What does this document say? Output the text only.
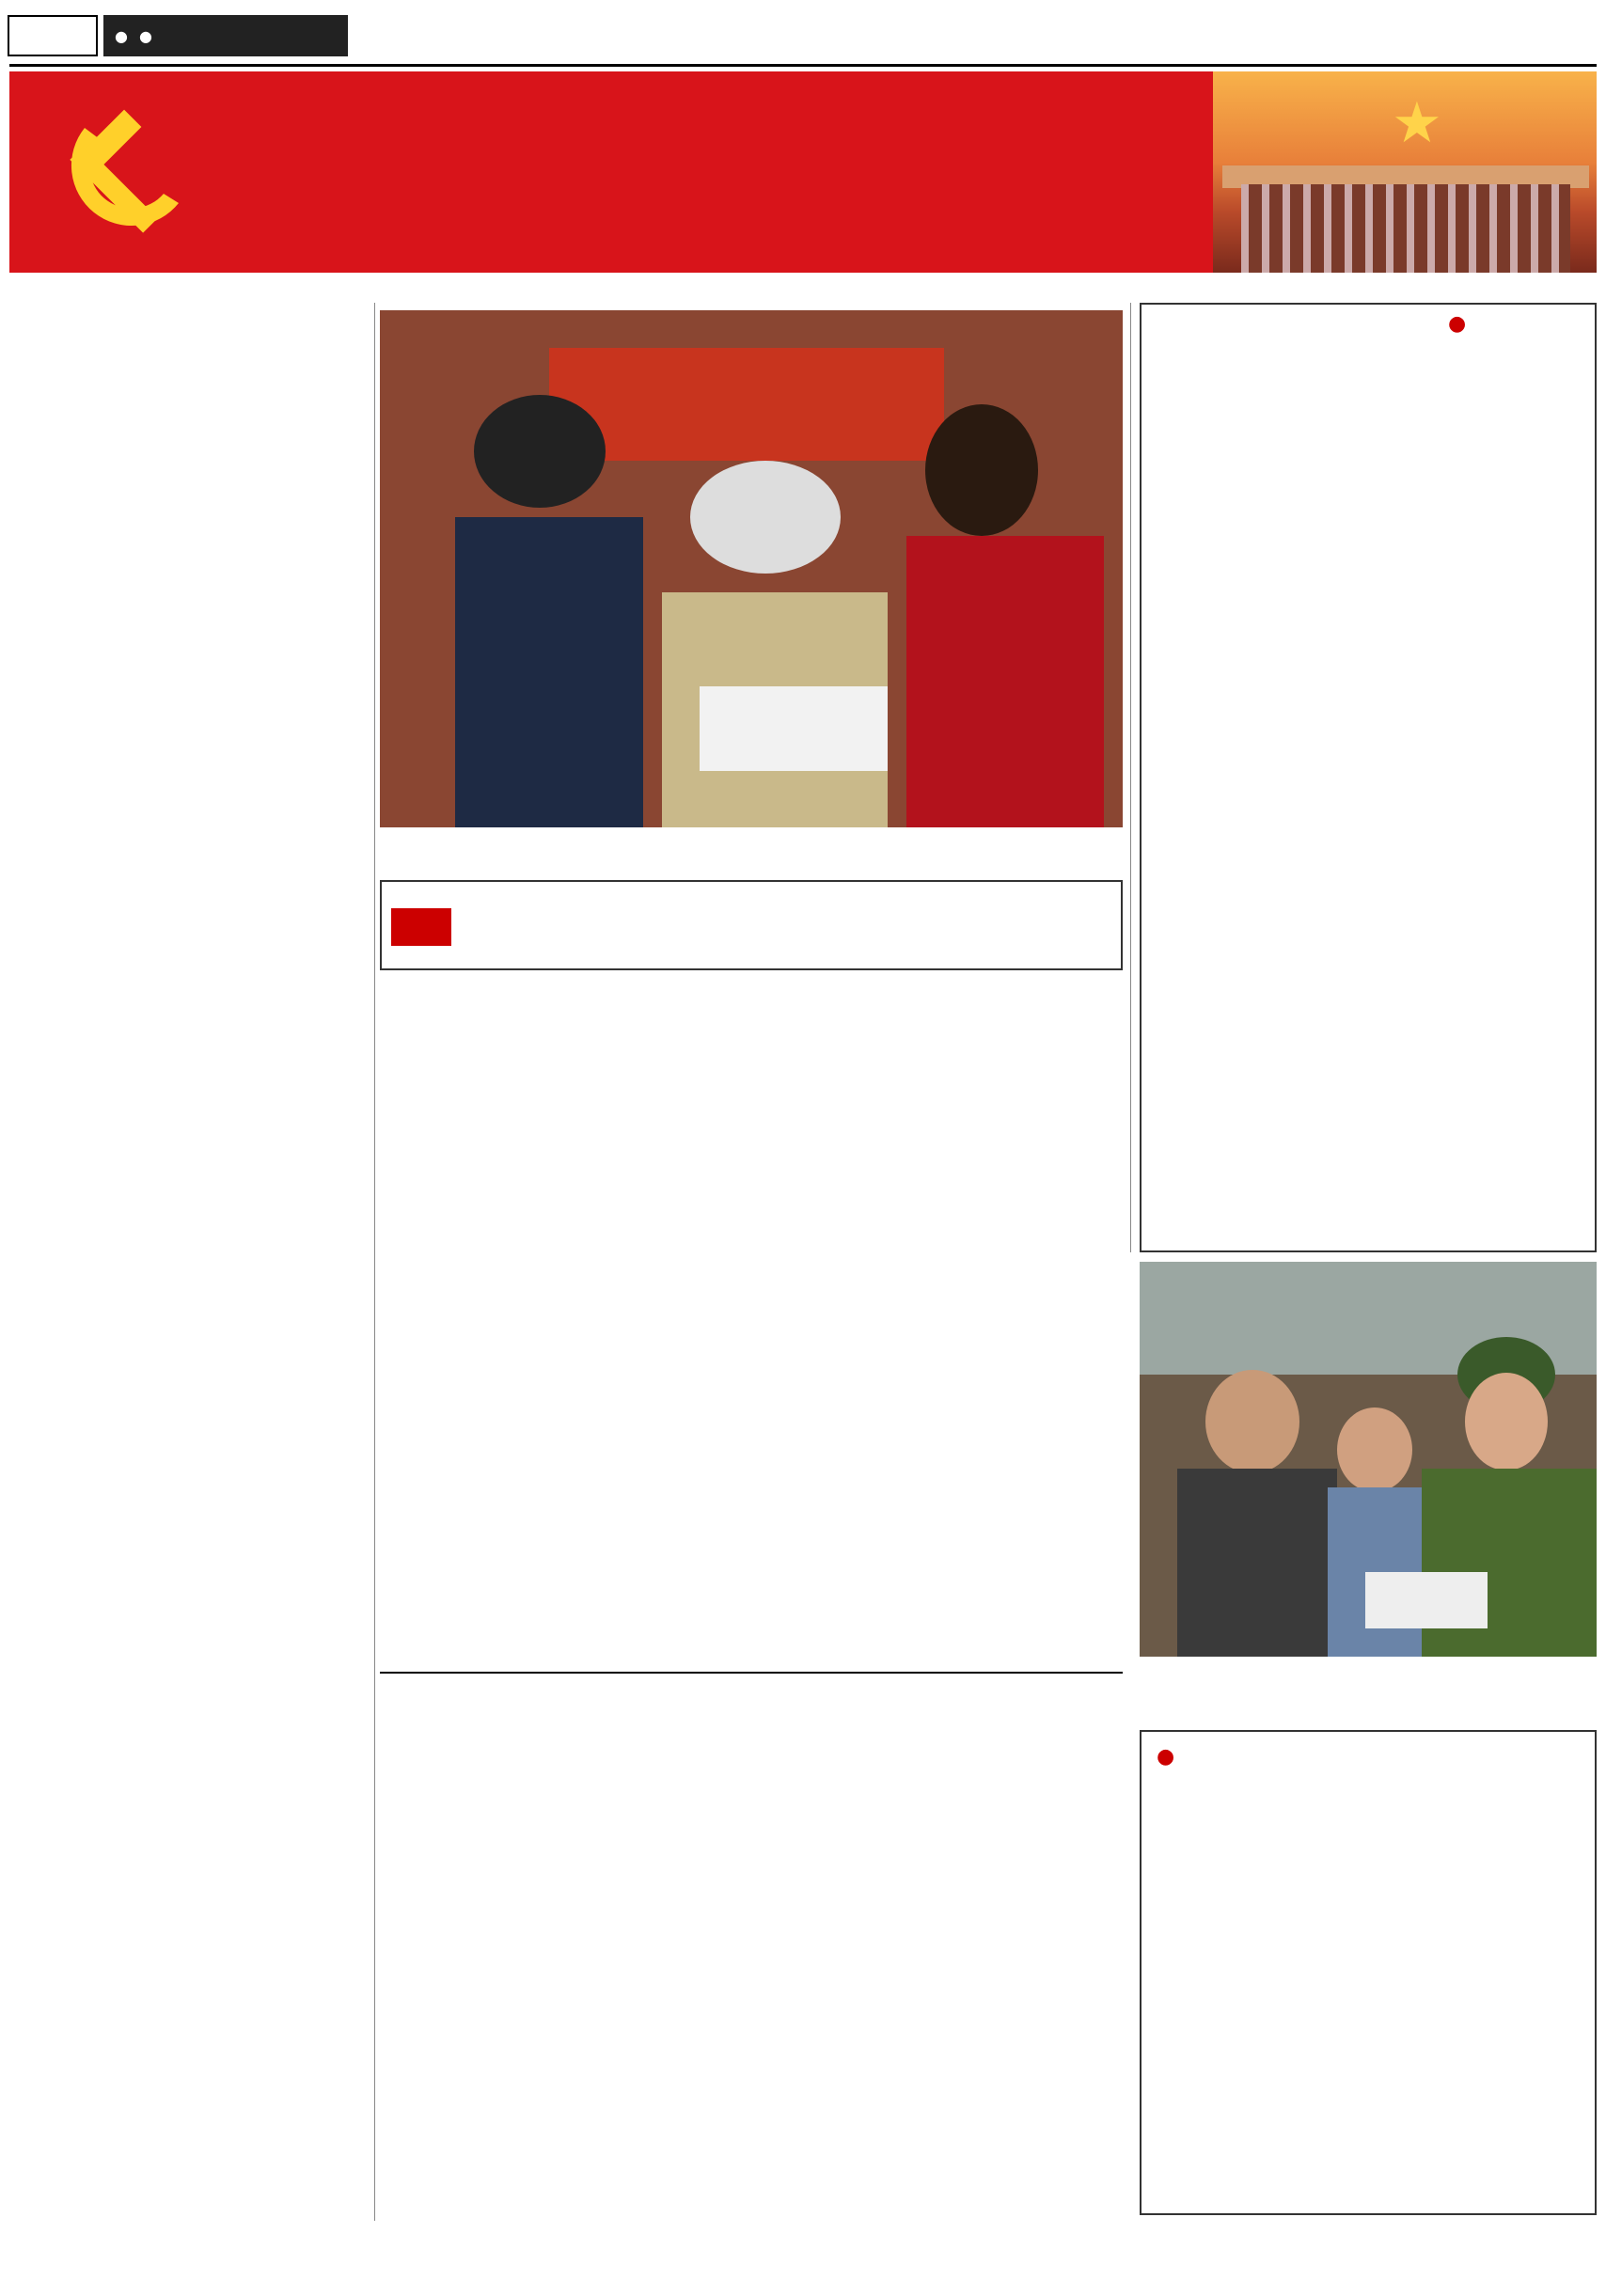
●
●
★

●
●
